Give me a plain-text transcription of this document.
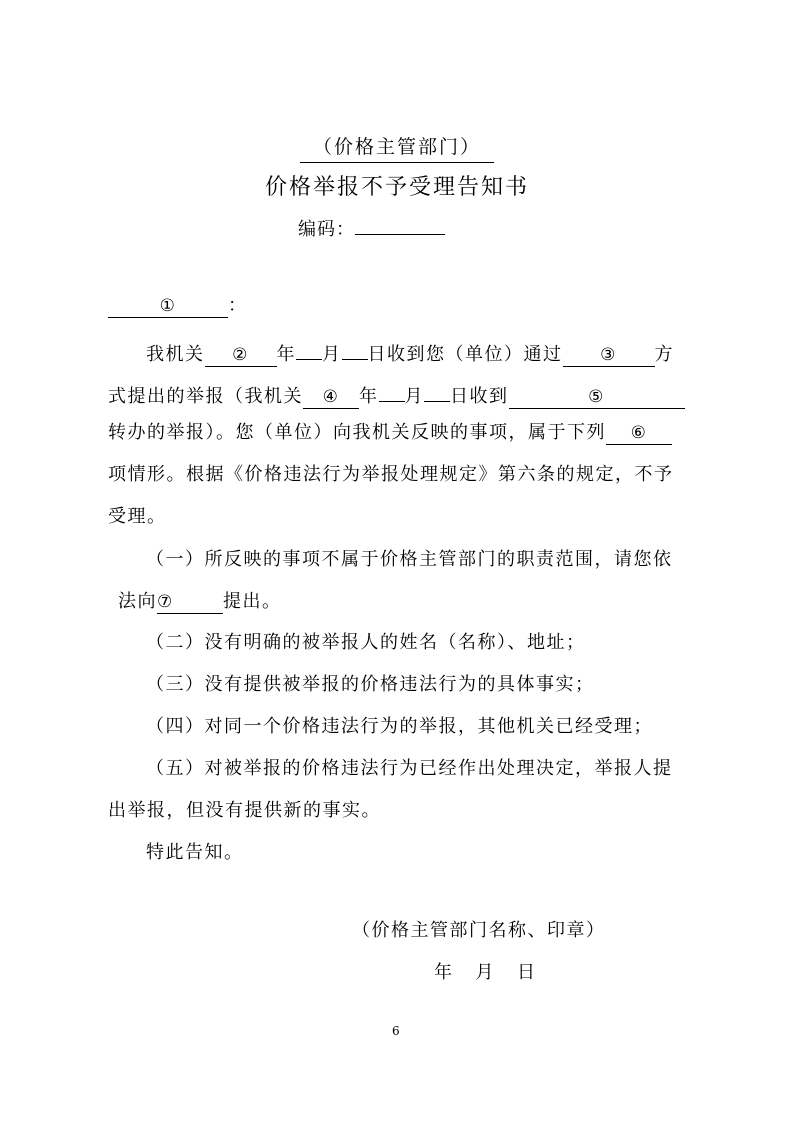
（价格主管部门）
价格举报不予受理告知书
编码：
①	：
我机关 ② 年 月 日收到您（单位）通过 ③ 方
式提出的举报（我机关 ④ 年 月 日收到	⑤
转办的举报）。您（单位）向我机关反映的事项，属于下列 ⑥
项情形。根据《价格违法行为举报处理规定》第六条的规定，不予
受理。
（一）所反映的事项不属于价格主管部门的职责范围，请您依
法向⑦	提出。
（二）没有明确的被举报人的姓名（名称）、地址；
（三）没有提供被举报的价格违法行为的具体事实；
（四）对同一个价格违法行为的举报，其他机关已经受理；
（五）对被举报的价格违法行为已经作出处理决定，举报人提
出举报，但没有提供新的事实。
特此告知。
（价格主管部门名称、印章）
年 月 日
6
